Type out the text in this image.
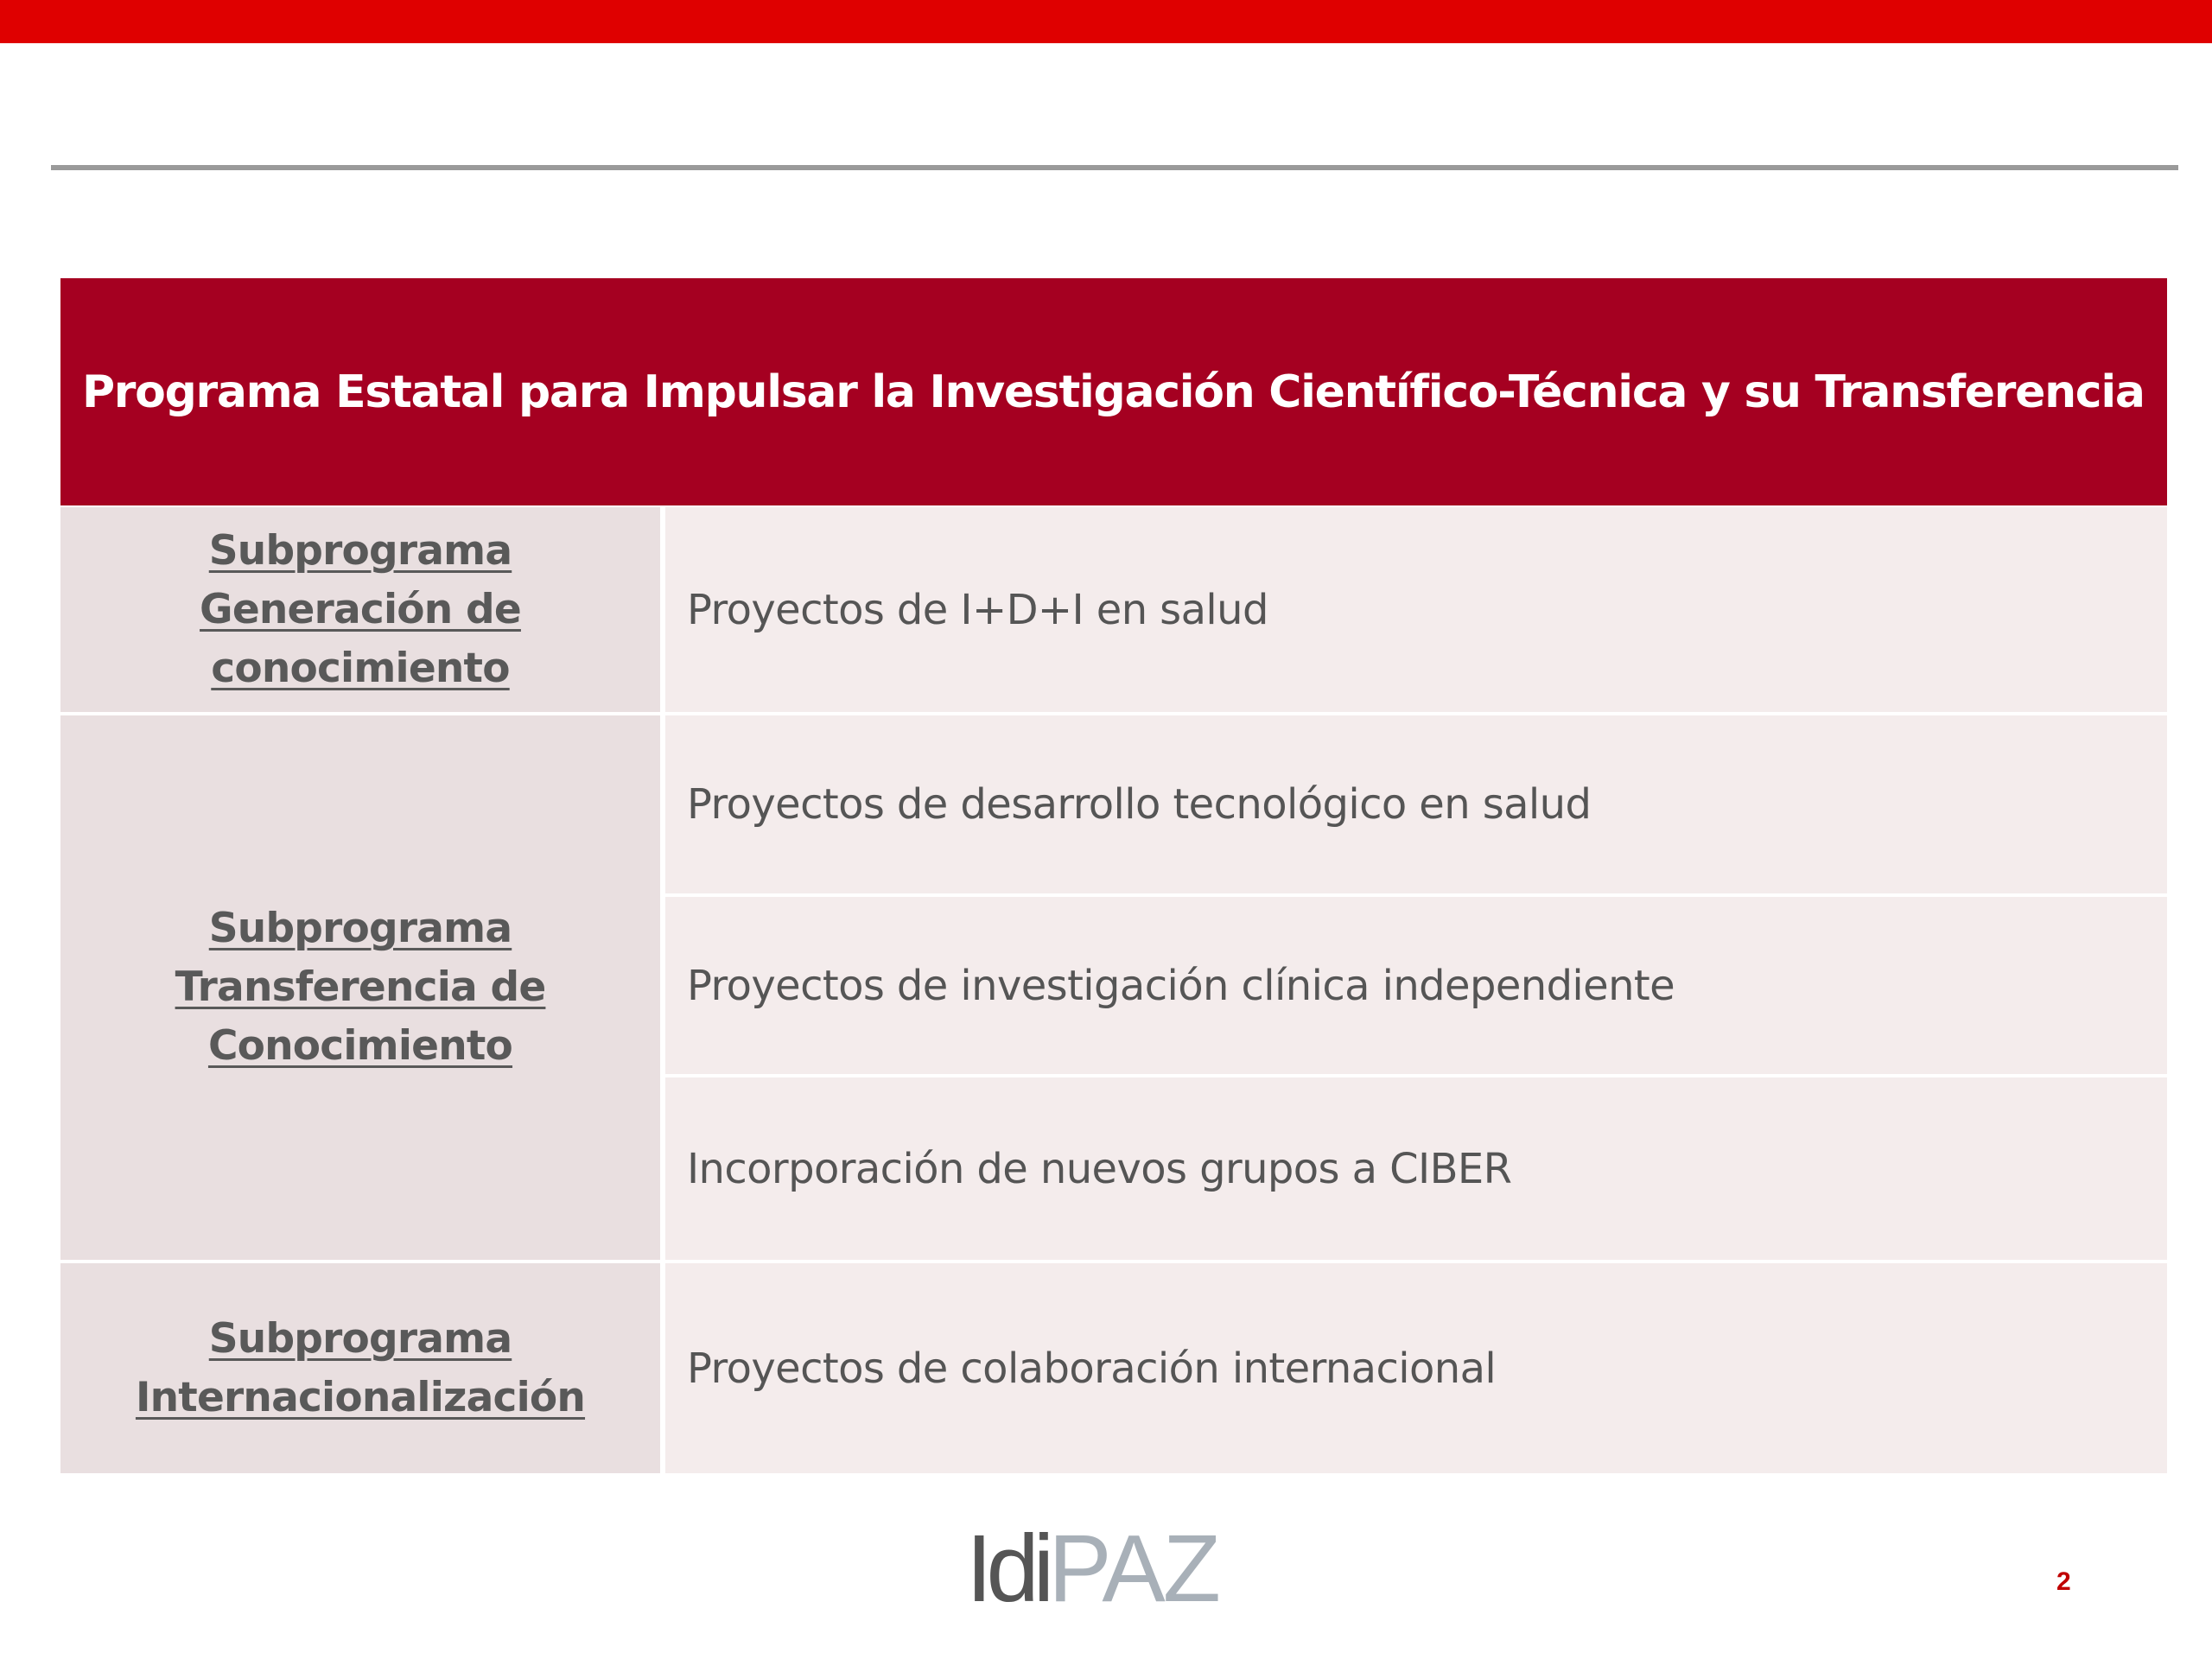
Programa Estatal para Impulsar la Investigación Científico-Técnica y su Transferencia
Subprograma Generación de conocimiento
Proyectos de I+D+I en salud
Subprograma Transferencia de Conocimiento
Proyectos de desarrollo tecnológico en salud
Proyectos de investigación clínica independiente
Incorporación de nuevos grupos a CIBER
Subprograma Internacionalización
Proyectos de colaboración internacional
Idi PAZ	2
